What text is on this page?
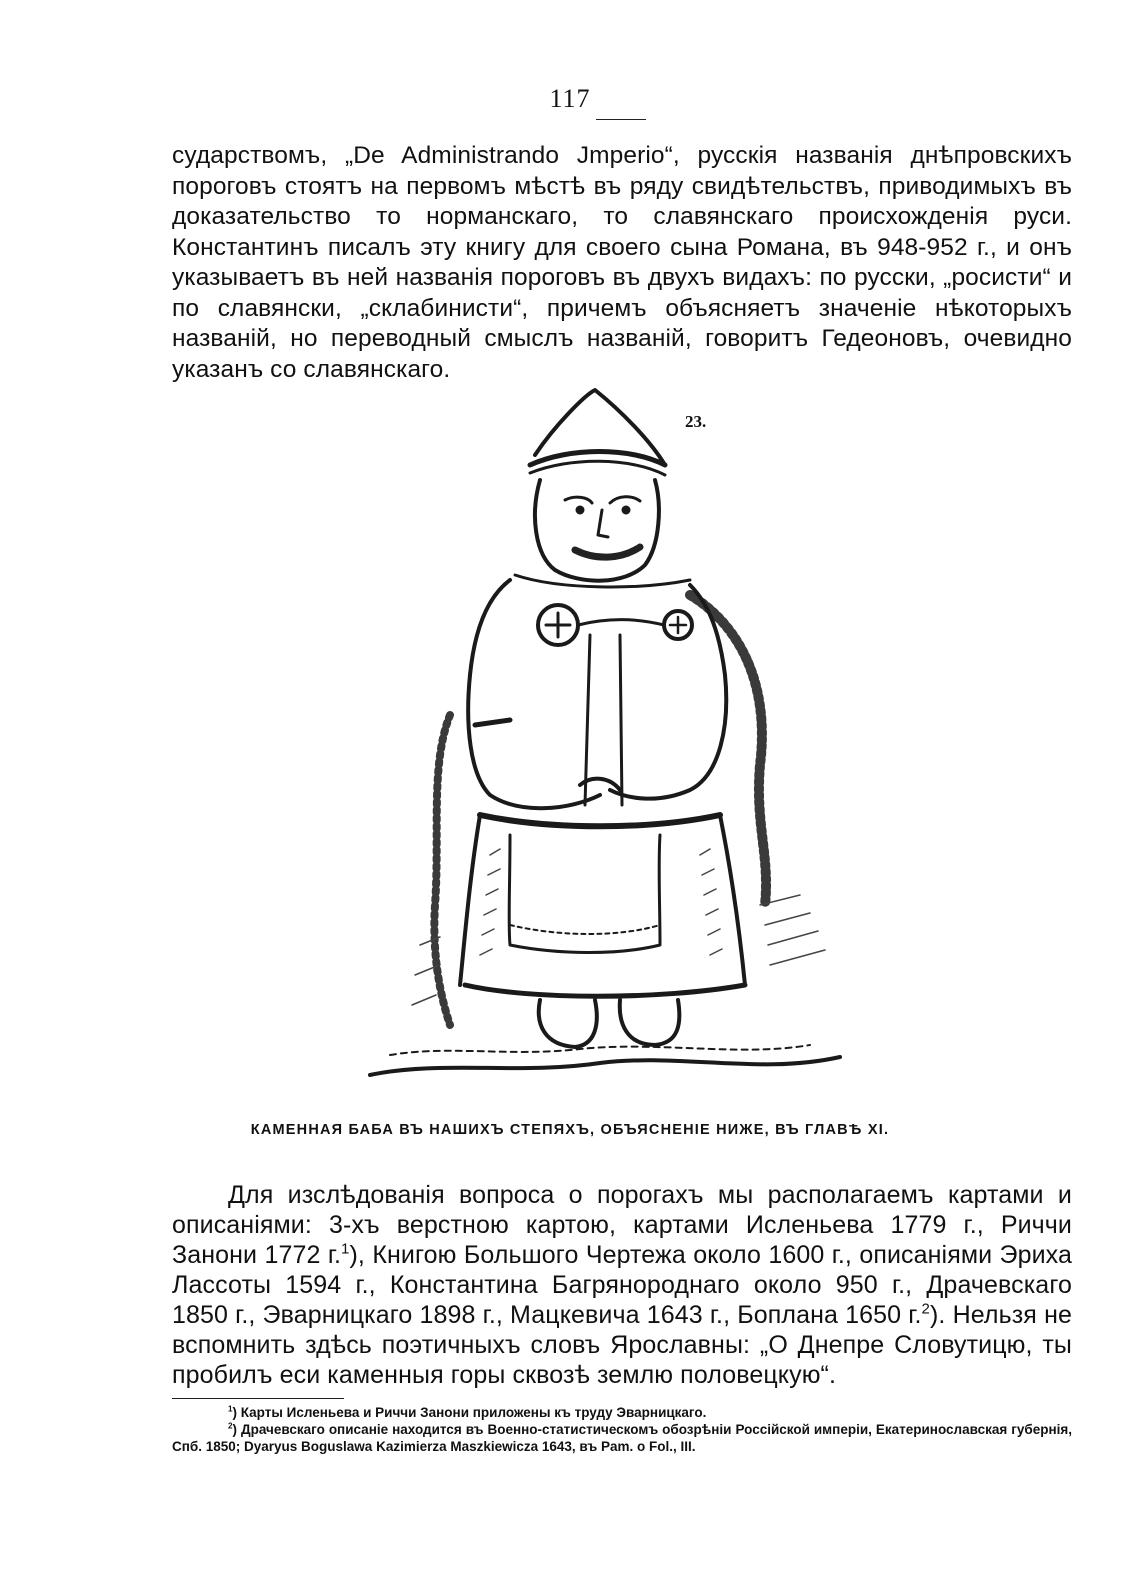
117

сударствомъ, „De Administrando Jmperio“, русскія названія днѣпровскихъ пороговъ стоятъ на первомъ мѣстѣ въ ряду свидѣтельствъ, приводимыхъ въ доказательство то норманскаго, то славянскаго происхожденія руси. Константинъ писалъ эту книгу для своего сына Романа, въ 948-952 г., и онъ указываетъ въ ней названія пороговъ въ двухъ видахъ: по русски, „росисти“ и по славянски, „склабинисти“, причемъ объясняетъ значеніе нѣкоторыхъ названій, но переводный смыслъ названій, говоритъ Гедеоновъ, очевидно указанъ со славянскаго.

23.
КАМЕННАЯ БАБА ВЪ НАШИХЪ СТЕПЯХЪ, ОБЪЯСНЕНІЕ НИЖЕ, ВЪ ГЛАВѢ XI.

Для изслѣдованія вопроса о порогахъ мы располагаемъ картами и описаніями: 3-хъ верстною картою, картами Исленьева 1779 г., Риччи Занони 1772 г.$^1$), Книгою Большого Чертежа около 1600 г., описаніями Эриха Лассоты 1594 г., Константина Багрянороднаго около 950 г., Драчевскаго 1850 г., Эварницкаго 1898 г., Мацкевича 1643 г., Боплана 1650 г.$^2$). Нельзя не вспомнить здѣсь поэтичныхъ словъ Ярославны: „О Днепре Словутицю, ты пробилъ еси каменныя горы сквозѣ землю половецкую“.

$^1$) Карты Исленьева и Риччи Занони приложены къ труду Эварницкаго.

$^2$) Драчевскаго описаніе находится въ Военно-статистическомъ обозрѣніи Россійской имперіи, Екатеринославская губернія, Спб. 1850; Dyaryus Boguslawa Kazimierza Maszkiewicza 1643, въ Pam. o Fol., III.
